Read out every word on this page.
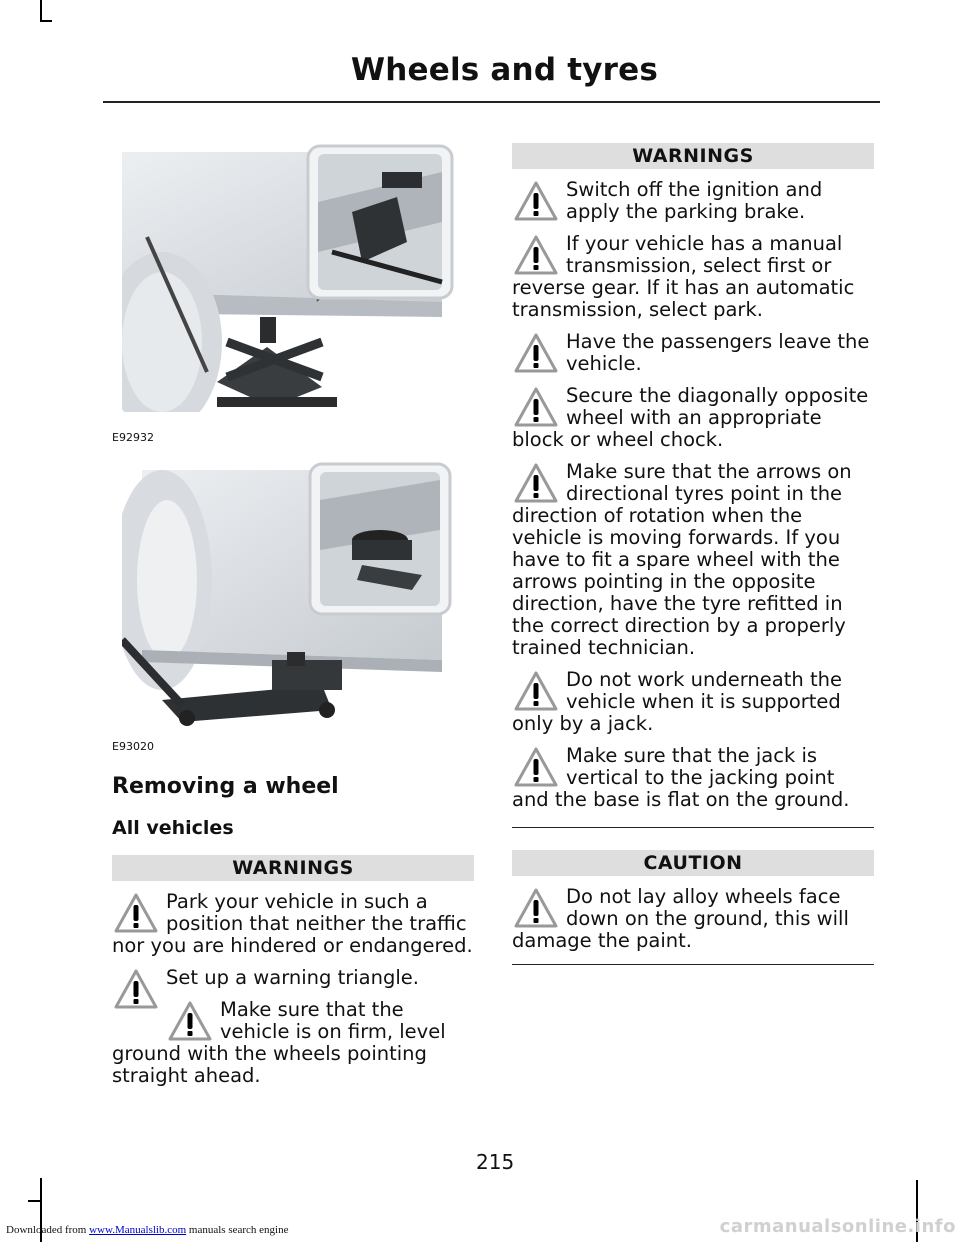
Wheels and tyres
E92932
E93020
Removing a wheel
All vehicles
WARNINGS
Park your vehicle in such a position that neither the traffic nor you are hindered or endangered.
Set up a warning triangle.
Make sure that the vehicle is on firm, level ground with the wheels pointing straight ahead.
WARNINGS
Switch off the ignition and apply the parking brake.
If your vehicle has a manual transmission, select first or reverse gear. If it has an automatic transmission, select park.
Have the passengers leave the vehicle.
Secure the diagonally opposite wheel with an appropriate block or wheel chock.
Make sure that the arrows on directional tyres point in the direction of rotation when the vehicle is moving forwards. If you have to fit a spare wheel with the arrows pointing in the opposite direction, have the tyre refitted in the correct direction by a properly trained technician.
Do not work underneath the vehicle when it is supported only by a jack.
Make sure that the jack is vertical to the jacking point and the base is flat on the ground.
CAUTION
Do not lay alloy wheels face down on the ground, this will damage the paint.
215
Downloaded from www.Manualslib.com manuals search engine	carmanualsonline.info
